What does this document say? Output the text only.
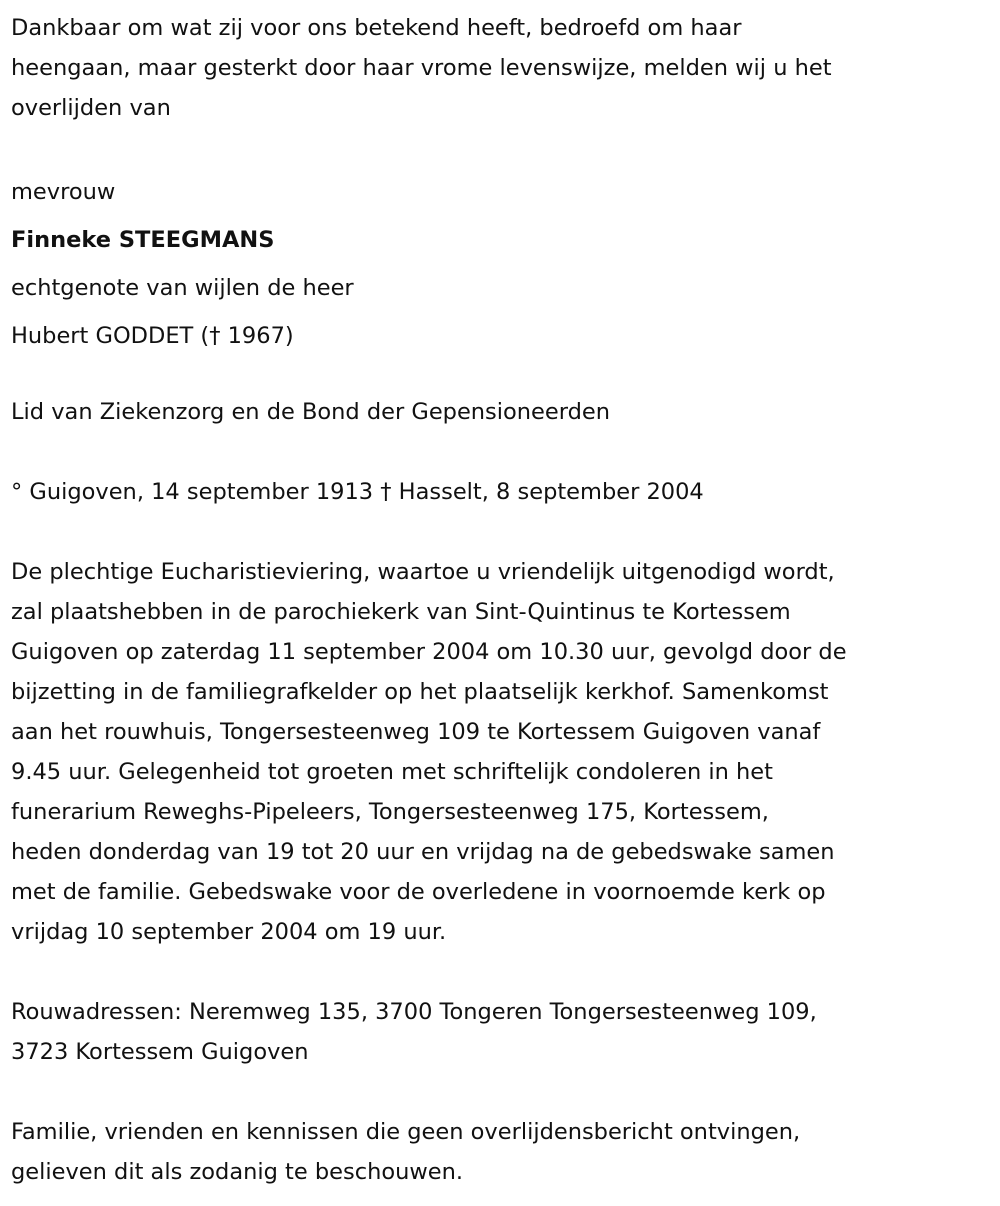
Dankbaar om wat zij voor ons betekend heeft, bedroefd om haar
heengaan, maar gesterkt door haar vrome levenswijze, melden wij u het
overlijden van
mevrouw
Finneke STEEGMANS
echtgenote van wijlen de heer
Hubert GODDET († 1967)
Lid van Ziekenzorg en de Bond der Gepensioneerden
° Guigoven, 14 september 1913 † Hasselt, 8 september 2004
De plechtige Eucharistieviering, waartoe u vriendelijk uitgenodigd wordt,
zal plaatshebben in de parochiekerk van Sint-Quintinus te Kortessem
Guigoven op zaterdag 11 september 2004 om 10.30 uur, gevolgd door de
bijzetting in de familiegrafkelder op het plaatselijk kerkhof. Samenkomst
aan het rouwhuis, Tongersesteenweg 109 te Kortessem Guigoven vanaf
9.45 uur. Gelegenheid tot groeten met schriftelijk condoleren in het
funerarium Reweghs-Pipeleers, Tongersesteenweg 175, Kortessem,
heden donderdag van 19 tot 20 uur en vrijdag na de gebedswake samen
met de familie. Gebedswake voor de overledene in voornoemde kerk op
vrijdag 10 september 2004 om 19 uur.
Rouwadressen: Neremweg 135, 3700 Tongeren Tongersesteenweg 109,
3723 Kortessem Guigoven
Familie, vrienden en kennissen die geen overlijdensbericht ontvingen,
gelieven dit als zodanig te beschouwen.
